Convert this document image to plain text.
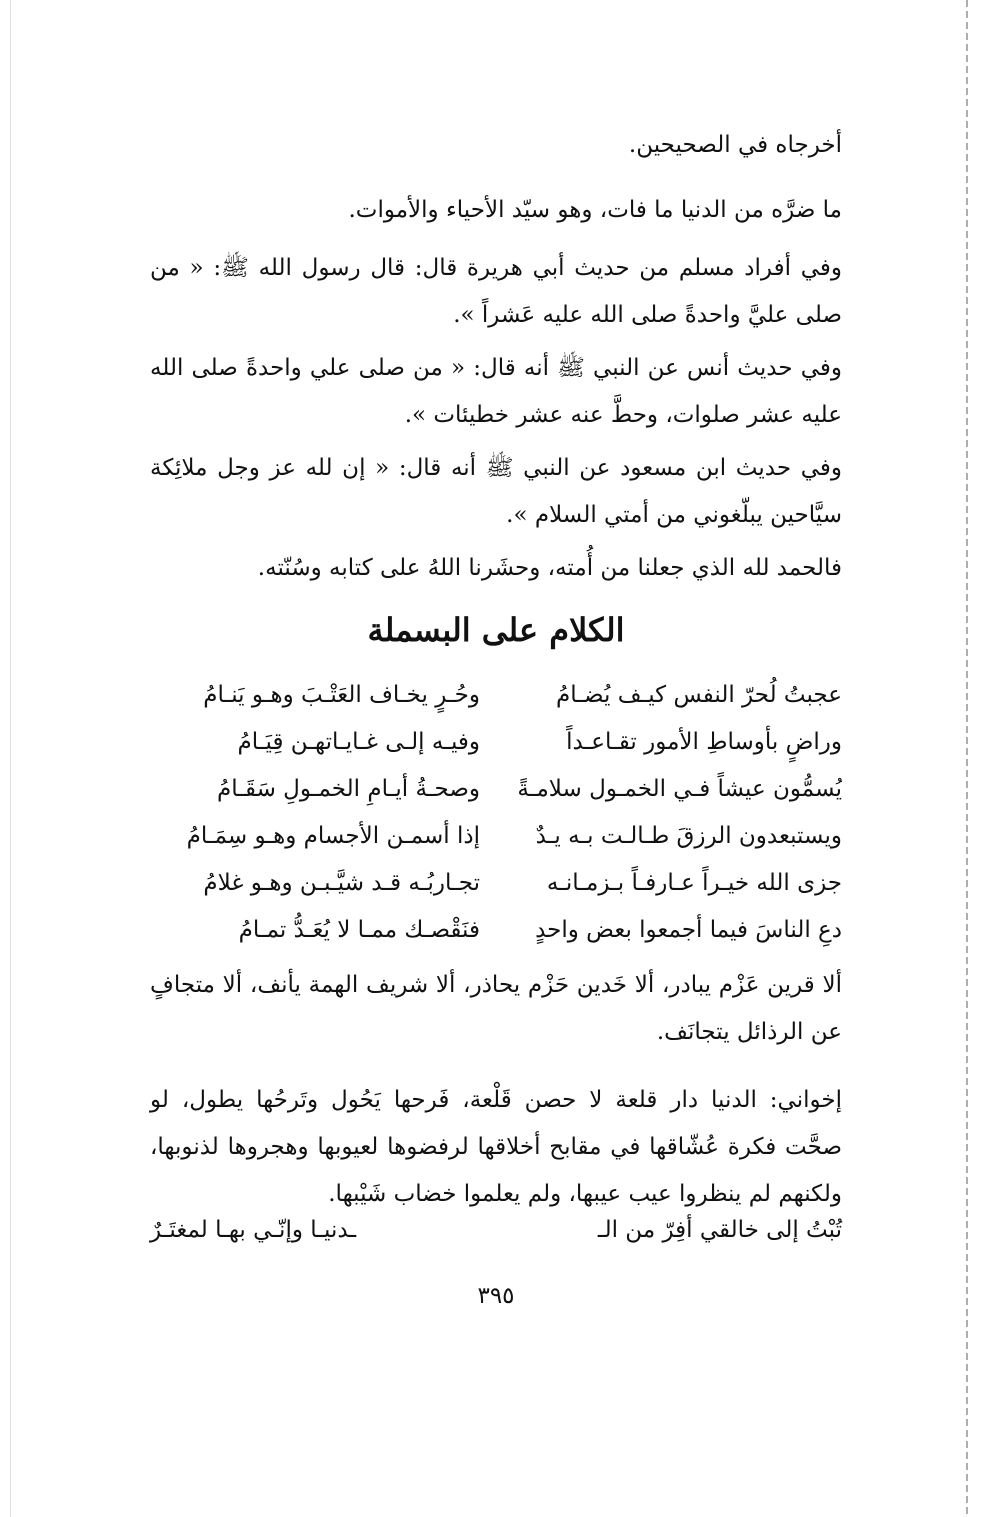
أخرجاه في الصحيحين.
ما ضرَّه من الدنيا ما فات، وهو سيّد الأحياء والأموات.
وفي أفراد مسلم من حديث أبي هريرة قال: قال رسول الله ﷺ: « من صلى عليَّ واحدةً صلى الله عليه عَشراً ».
وفي حديث أنس عن النبي ﷺ أنه قال: « من صلى علي واحدةً صلى الله عليه عشر صلوات، وحطَّ عنه عشر خطيئات ».
وفي حديث ابن مسعود عن النبي ﷺ أنه قال: « إن لله عز وجل ملائِكة سيَّاحين يبلّغوني من أمتي السلام ».
فالحمد لله الذي جعلنا من أُمته، وحشَرنا اللهُ على كتابه وسُنّته.
الكلام على البسملة
عجبتُ لُحرّ النفس كيـف يُضـامُ
وحُـرٍ يخـاف العَتْـبَ وهـو يَنـامُ
وراضٍ بأوساطِ الأمور تقـاعـداً
وفيـه إلـى غـايـاتهـن قِيَـامُ
يُسمُّون عيشاً فـي الخمـول سلامـةً
وصحـةُ أيـامِ الخمـولِ سَقَـامُ
ويستبعدون الرزقَ طـالـت بـه يـدٌ
إذا أسمـن الأجسام وهـو سِمَـامُ
جزى الله خيـراً عـارفـاً بـزمـانـه
تجـاربُـه قـد شيَّـبـن وهـو غلامُ
دعِ الناسَ فيما أجمعوا بعض واحدٍ
فنَقْصـك ممـا لا يُعَـدُّ تمـامُ
ألا قرين عَزْم يبادر، ألا خَدين حَزْم يحاذر، ألا شريف الهمة يأنف، ألا متجافٍ عن الرذائل يتجانَف.
إخواني: الدنيا دار قلعة لا حصن قَلْعة، فَرحها يَحُول وتَرحُها يطول، لو صحَّت فكرة عُشّاقها في مقابح أخلاقها لرفضوها لعيوبها وهجروها لذنوبها، ولكنهم لم ينظروا عيب عيبها، ولم يعلموا خضاب شَيْبها.
تُبْتُ إلى خالقي أفِرّ من الـ
ـدنيـا وإنّـي بهـا لمغتَـرٌ
٣٩٥
